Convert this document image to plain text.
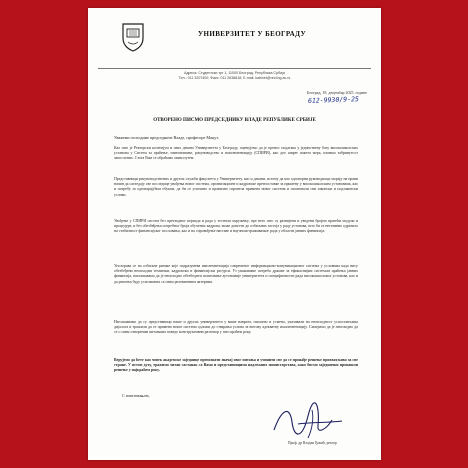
УНИВЕРЗИТЕТ У БЕОГРАДУ
Адреса: Студентски трг 1, 11000 Београд, Република Србија
Тел.: 011 3207400; Факс: 011 2638818; E-mail: kabinet@rect.bg.ac.rs
Београд, 18. децембар 2025. године
612-9930/9-25
ОТВОРЕНО ПИСМО ПРЕДСЕДНИКУ ВЛАДЕ РЕПУБЛИКЕ СРБИЈЕ
Уважени господине председниче Владе, професоре Мацут,
Као што је Ректорски колегијум и свих декана Универзитета у Београду, оцењујемо да је пренос података у јединствену базу високошколских установа у Систем за праћење, извештавање, рачуноводство и имплементацију (СПИРИ), као део ширег пакета мера, изазвао забринутост запослених. Стога Вам се обраћамо овим путем.
Представници рачуноводствених и других служби факултета у Универзитету, као и декани, истичу да као одговорни руководиоци морају на прави начин да сагледају све последице увођења новог система, организационе и кадровске претпоставке за примену у високошколским установама, као и потребу за одговарајућом обуком, да би се успешно и правилно спровела примена новог система и поштовали сви законски и подзаконски услови.
Увођење у СПИРИ систем без претходног периода и рада у тестном окружењу, пре него што су развијени и уведени бројни пратећи модули и процедуре, и без обезбеђења потребног броја обучених кадрова, може довести до озбиљних застоја у раду установа, што би се негативно одразило на стабилност финансијског пословања, као и на спровођење наставе и научноистраживачког рада у области јавних финансија.
Упозорава се на озбиљне ризике које подразумева имплементација савременог информационо-комуникационог система у условима када нису обезбеђени неопходни технички, кадровски и финансијски ресурси. Уз уважавање потреба државе за ефикаснијим системом праћења јавних финансија, наглашавамо да је неопходно обезбедити поштовање аутономије универзитета и специфичности рада високошколских установа, као и да решења буду усаглашена са свим релевантним актерима.
Наглашавамо да су представници наше и других универзитета у више наврата, писмено и усмено, указивали на неопходност успостављања дијалога и тражили да се примена новог система одложи до стварања услова за његову адекватну имплементацију. Сматрамо да је неопходно да се о свим отвореним питањима поведе конструктивни разговор у што краћем року.
Верујемо да ћете као човек академске заједнице препознати значај овог питања и учинити све да се пронађе решење прихватљиво за све стране. У истом духу, тражимо хитан састанак са Вама и представницима надлежних министарстава, како бисмо заједнички пронашли решење у најкраћем року.
С поштовањем,
Проф. др Владан Ђокић, ректор
